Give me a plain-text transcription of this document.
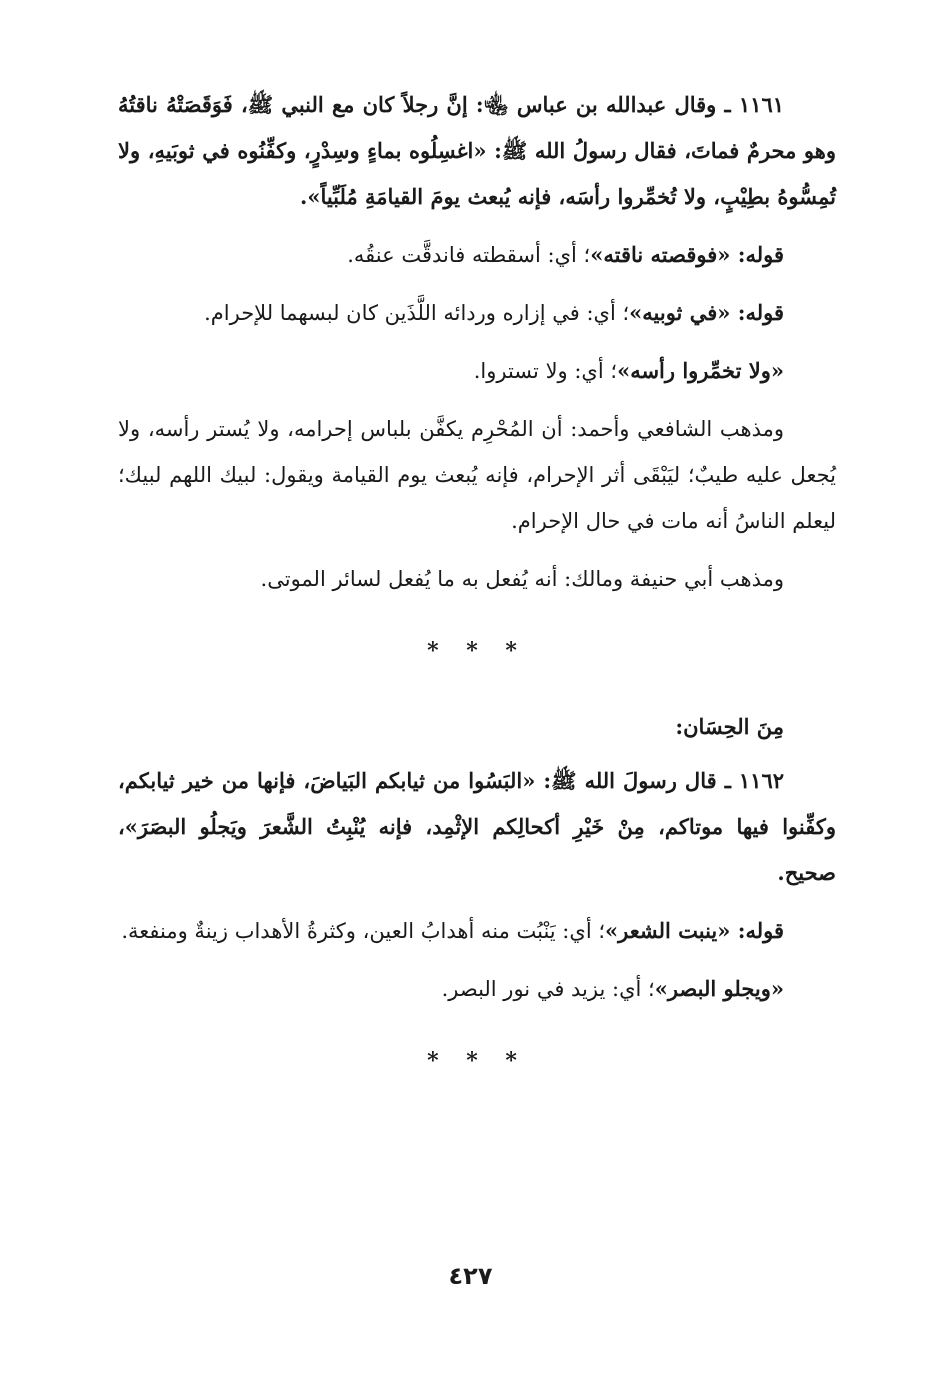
١١٦١ ـ وقال عبدالله بن عباس ﵄: إنَّ رجلاً كان مع النبي ﷺ، فَوَقَصَتْهُ ناقتُهُ وهو محرمٌ فماتَ، فقال رسولُ الله ﷺ: «اغسِلُوه بماءٍ وسِدْرٍ، وكفِّنُوه في ثوبَيهِ، ولا تُمِسُّوهُ بطِيْبٍ، ولا تُخمِّروا رأسَه، فإنه يُبعث يومَ القيامَةِ مُلَبِّياً».

قوله: «فوقصته ناقته»؛ أي: أسقطته فاندقَّت عنقُه.

قوله: «في ثوبيه»؛ أي: في إزاره وردائه اللَّذَين كان لبسهما للإحرام.

«ولا تخمِّروا رأسه»؛ أي: ولا تستروا.

ومذهب الشافعي وأحمد: أن المُحْرِم يكفَّن بلباس إحرامه، ولا يُستر رأسه، ولا يُجعل عليه طيبٌ؛ ليَبْقَى أثر الإحرام، فإنه يُبعث يوم القيامة ويقول: لبيك اللهم لبيك؛ ليعلم الناسُ أنه مات في حال الإحرام.

ومذهب أبي حنيفة ومالك: أنه يُفعل به ما يُفعل لسائر الموتى.

* * *

مِنَ الحِسَان:

١١٦٢ ـ قال رسولَ الله ﷺ: «البَسُوا من ثيابكم البَياضَ، فإنها من خير ثيابكم، وكفِّنوا فيها موتاكم، مِنْ خَيْرِ أكحالِكم الإثْمِد، فإنه يُنْبِتُ الشَّعرَ ويَجلُو البصَرَ»، صحيح.

قوله: «ينبت الشعر»؛ أي: يَنْبُت منه أهدابُ العين، وكثرةُ الأهداب زينةٌ ومنفعة.

«ويجلو البصر»؛ أي: يزيد في نور البصر.

* * *
٤٢٧
